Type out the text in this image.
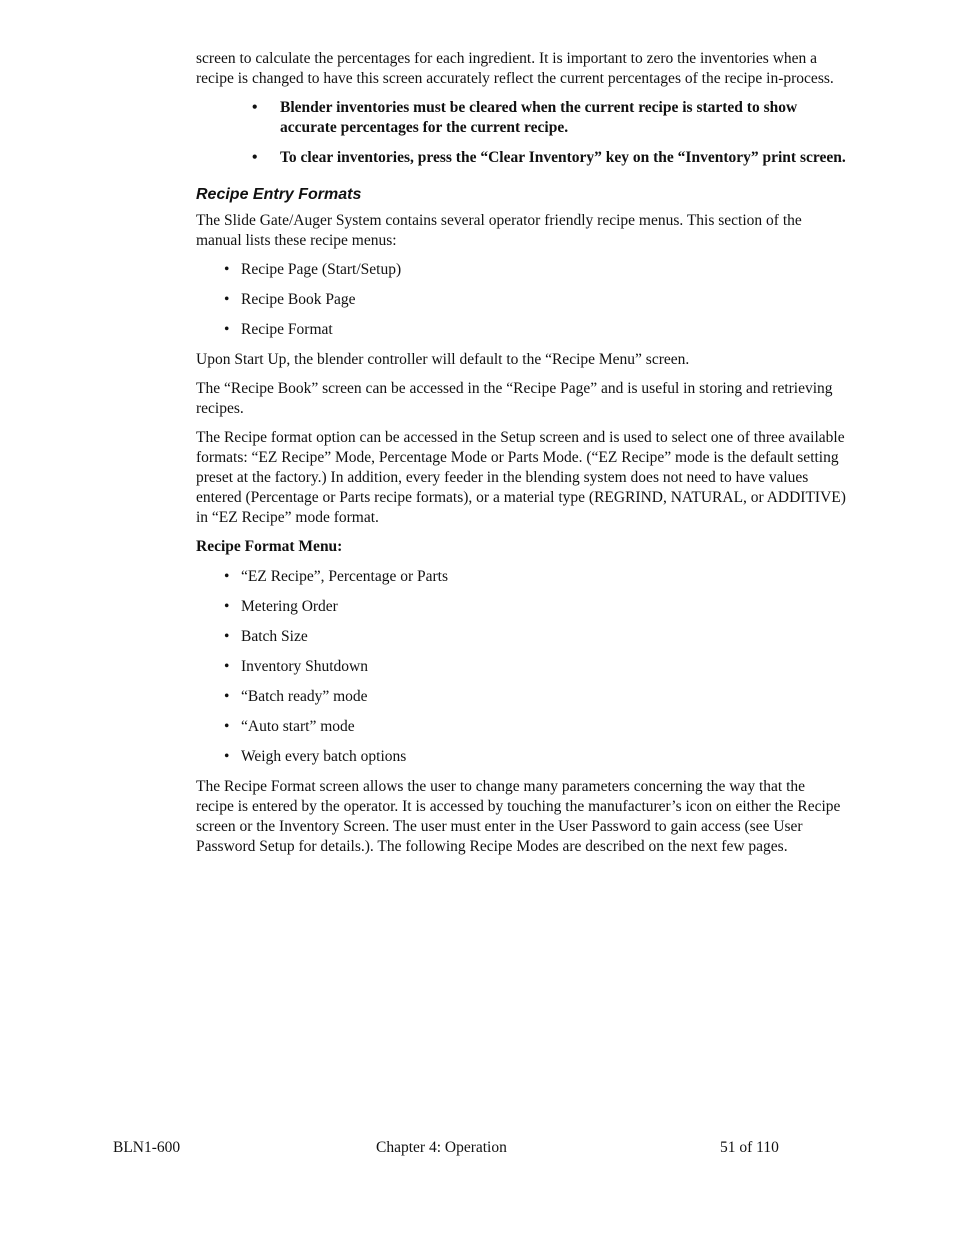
screen to calculate the percentages for each ingredient. It is important to zero the inventories when a recipe is changed to have this screen accurately reflect the current percentages of the recipe in-process.

• Blender inventories must be cleared when the current recipe is started to show accurate percentages for the current recipe.
• To clear inventories, press the “Clear Inventory” key on the “Inventory” print screen.
Recipe Entry Formats

The Slide Gate/Auger System contains several operator friendly recipe menus. This section of the manual lists these recipe menus:

• Recipe Page (Start/Setup)
• Recipe Book Page
• Recipe Format

Upon Start Up, the blender controller will default to the “Recipe Menu” screen.

The “Recipe Book” screen can be accessed in the “Recipe Page” and is useful in storing and retrieving recipes.

The Recipe format option can be accessed in the Setup screen and is used to select one of three available formats: “EZ Recipe” Mode, Percentage Mode or Parts Mode. (“EZ Recipe” mode is the default setting preset at the factory.) In addition, every feeder in the blending system does not need to have values entered (Percentage or Parts recipe formats), or a material type (REGRIND, NATURAL, or ADDITIVE) in “EZ Recipe” mode format.

Recipe Format Menu:

• “EZ Recipe”, Percentage or Parts
• Metering Order
• Batch Size
• Inventory Shutdown
• “Batch ready” mode
• “Auto start” mode
• Weigh every batch options

The Recipe Format screen allows the user to change many parameters concerning the way that the recipe is entered by the operator. It is accessed by touching the manufacturer’s icon on either the Recipe screen or the Inventory Screen. The user must enter in the User Password to gain access (see User Password Setup for details.). The following Recipe Modes are described on the next few pages.

BLN1-600	Chapter 4: Operation	51 of 110
